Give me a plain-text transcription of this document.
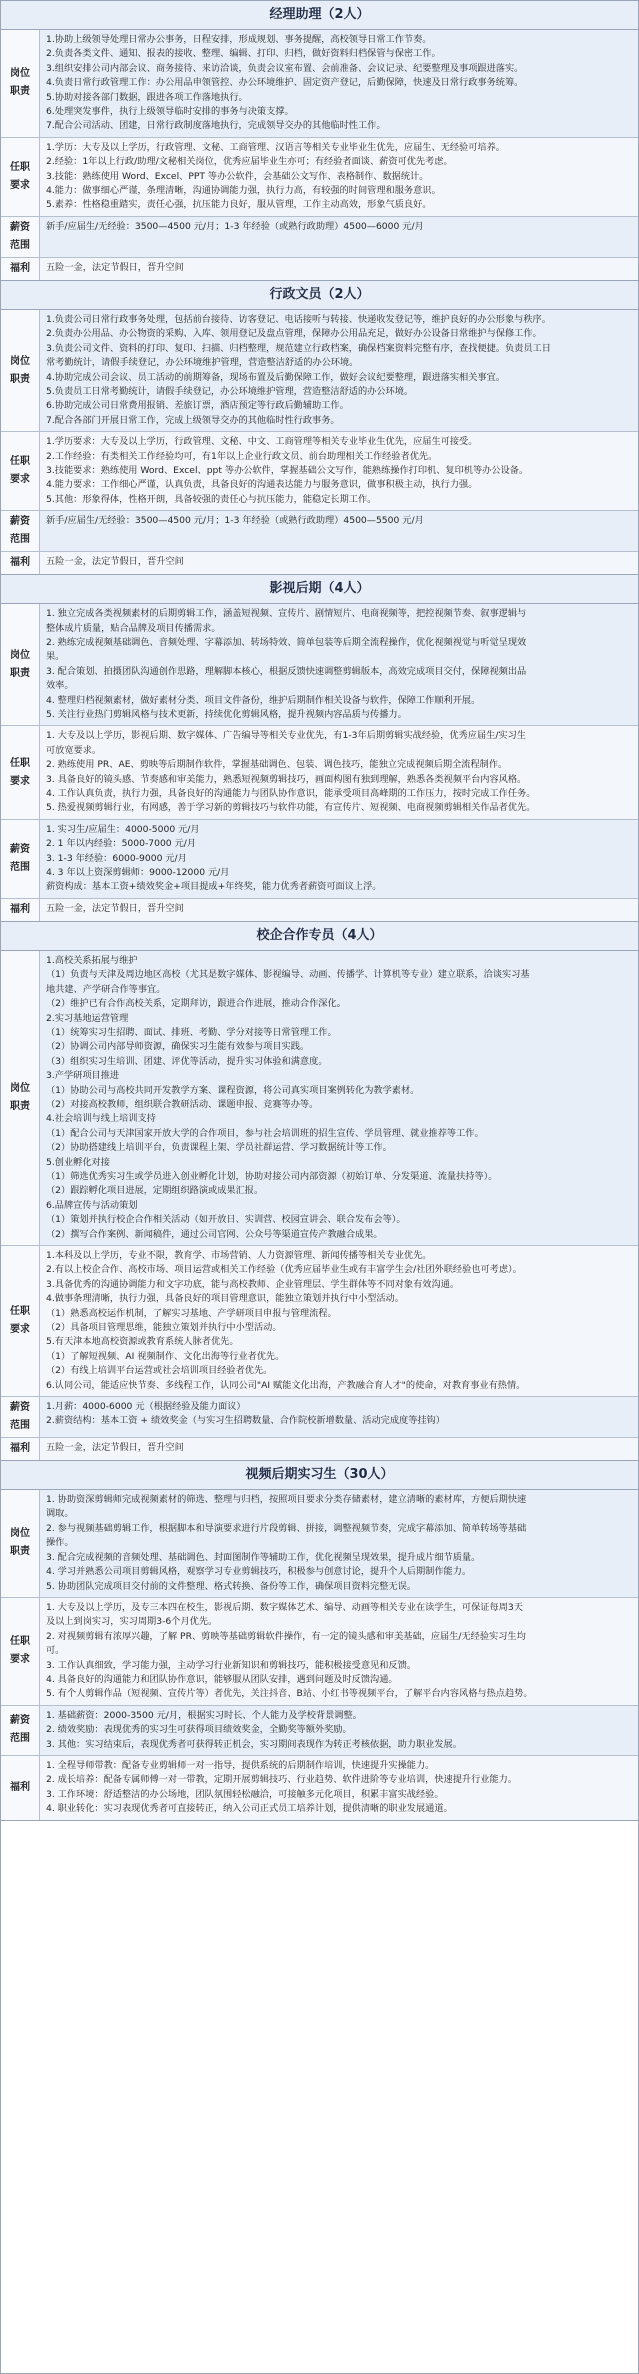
经理助理（2人）
岗位
职责
1.协助上级领导处理日常办公事务，日程安排，形成规划、事务提醒，高校领导日常工作节奏。
2.负责各类文件、通知、报表的接收、整理、编辑、打印、归档，做好资料归档保管与保密工作。
3.组织安排公司内部会议、商务接待、来访洽谈，负责会议室布置、会前准备、会议记录、纪要整理及事项跟进落实。
4.负责日常行政管理工作：办公用品申领管控、办公环境维护、固定资产登记，后勤保障，快速及日常行政事务统筹。
5.协助对接各部门数据，跟进各项工作落地执行。
6.处理突发事件，执行上级领导临时安排的事务与决策支撑。
7.配合公司活动、团建，日常行政制度落地执行，完成领导交办的其他临时性工作。
任职
要求
1.学历：大专及以上学历，行政管理、文秘、工商管理、汉语言等相关专业毕业生优先，应届生、无经验可培养。
2.经验：1年以上行政/助理/文秘相关岗位，优秀应届毕业生亦可；有经验者面谈、薪资可优先考虑。
3.技能：熟练使用 Word、Excel、PPT 等办公软件，会基础公文写作、表格制作、数据统计。
4.能力：做事细心严谨，条理清晰，沟通协调能力强，执行力高，有较强的时间管理和服务意识。
5.素养：性格稳重踏实，责任心强，抗压能力良好，服从管理，工作主动高效，形象气质良好。
薪资
范围
新手/应届生/无经验：3500—4500 元/月；1-3 年经验（或熟行政助理）4500—6000 元/月
福利 五险一金，法定节假日，晋升空间
行政文员（2人）
岗位
职责
1.负责公司日常行政事务处理，包括前台接待、访客登记、电话接听与转接、快递收发登记等，维护良好的办公形象与秩序。
2.负责办公用品、办公物资的采购、入库、领用登记及盘点管理，保障办公用品充足，做好办公设备日常维护与保修工作。
3.负责公司文件、资料的打印、复印、扫描、归档整理，规范建立行政档案，确保档案资料完整有序，查找便捷。负责员工日
常考勤统计，请假手续登记，办公环境维护管理，营造整洁舒适的办公环境。
4.协助完成公司会议、员工活动的前期筹备，现场布置及后勤保障工作，做好会议纪要整理，跟进落实相关事宜。
5.负责员工日常考勤统计，请假手续登记，办公环境维护管理，营造整洁舒适的办公环境。
6.协助完成公司日常费用报销、差旅订票，酒店预定等行政后勤辅助工作。
7.配合各部门开展日常工作，完成上级领导交办的其他临时性行政事务。
任职
要求
1.学历要求：大专及以上学历，行政管理、文秘、中文、工商管理等相关专业毕业生优先，应届生可接受。
2.工作经验：有类相关工作经验均可，有1年以上企业行政文员、前台助理相关工作经验者优先。
3.技能要求：熟练使用 Word、Excel、ppt 等办公软件，掌握基础公文写作，能熟练操作打印机、复印机等办公设备。
4.能力要求：工作细心严谨，认真负责，具备良好的沟通表达能力与服务意识，做事积极主动，执行力强。
5.其他：形象得体，性格开朗，具备较强的责任心与抗压能力，能稳定长期工作。
薪资
范围
新手/应届生/无经验：3500—4500 元/月；1-3 年经验（或熟行政助理）4500—5500 元/月
福利 五险一金，法定节假日，晋升空间
影视后期（4人）
岗位
职责
1. 独立完成各类视频素材的后期剪辑工作，涵盖短视频、宣传片、剧情短片、电商视频等，把控视频节奏、叙事逻辑与
整体成片质量，贴合品牌及项目传播需求。
2. 熟练完成视频基础调色、音频处理、字幕添加、转场特效、简单包装等后期全流程操作，优化视频视觉与听觉呈现效
果。
3. 配合策划、拍摄团队沟通创作思路，理解脚本核心，根据反馈快速调整剪辑版本，高效完成项目交付，保障视频出品
效率。
4. 整理归档视频素材，做好素材分类、项目文件备份，维护后期制作相关设备与软件，保障工作顺利开展。
5. 关注行业热门剪辑风格与技术更新，持续优化剪辑风格，提升视频内容品质与传播力。
任职
要求
1. 大专及以上学历，影视后期、数字媒体、广告编导等相关专业优先，有1-3年后期剪辑实战经验，优秀应届生/实习生
可放宽要求。
2. 熟练使用 PR、AE、剪映等后期制作软件，掌握基础调色、包装、调色技巧，能独立完成视频后期全流程制作。
3. 具备良好的镜头感、节奏感和审美能力，熟悉短视频剪辑技巧，画面构图有独到理解，熟悉各类视频平台内容风格。
4. 工作认真负责，执行力强，具备良好的沟通能力与团队协作意识，能承受项目高峰期的工作压力，按时完成工作任务。
5. 热爱视频剪辑行业，有网感，善于学习新的剪辑技巧与软件功能，有宣传片、短视频、电商视频剪辑相关作品者优先。
薪资
范围
1. 实习生/应届生：4000-5000 元/月
2. 1 年以内经验：5000-7000 元/月
3. 1-3 年经验：6000-9000 元/月
4. 3 年以上资深剪辑师：9000-12000 元/月
薪资构成：基本工资+绩效奖金+项目提成+年终奖，能力优秀者薪资可面议上浮。
福利 五险一金，法定节假日，晋升空间
校企合作专员（4人）
岗位
职责
1.高校关系拓展与维护
（1）负责与天津及周边地区高校（尤其是数字媒体、影视编导、动画、传播学、计算机等专业）建立联系，洽谈实习基
地共建、产学研合作等事宜。
（2）维护已有合作高校关系，定期拜访，跟进合作进展，推动合作深化。
2.实习基地运营管理
（1）统筹实习生招聘、面试、排班、考勤、学分对接等日常管理工作。
（2）协调公司内部导师资源，确保实习生能有效参与项目实践。
（3）组织实习生培训、团建、评优等活动，提升实习体验和满意度。
3.产学研项目推进
（1）协助公司与高校共同开发教学方案、课程资源，将公司真实项目案例转化为教学素材。
（2）对接高校教师，组织联合教研活动、课题申报、竞赛等办等。
4.社会培训与线上培训支持
（1）配合公司与天津国家开放大学的合作项目，参与社会培训班的招生宣传、学员管理、就业推荐等工作。
（2）协助搭建线上培训平台，负责课程上架、学员社群运营、学习数据统计等工作。
5.创业孵化对接
（1）筛选优秀实习生或学员进入创业孵化计划，协助对接公司内部资源（初始订单、分发渠道、流量扶持等）。
（2）跟踪孵化项目进展，定期组织路演或成果汇报。
6.品牌宣传与活动策划
（1）策划并执行校企合作相关活动（如开放日、实训营、校园宣讲会、联合发布会等）。
（2）撰写合作案例、新闻稿件，通过公司官网、公众号等渠道宣传产教融合成果。
任职
要求
1.本科及以上学历，专业不限，教育学、市场营销、人力资源管理、新闻传播等相关专业优先。
2.有以上校企合作、高校市场、项目运营或相关工作经验（优秀应届毕业生或有丰富学生会/社团外联经验也可考虑）。
3.具备优秀的沟通协调能力和文字功底，能与高校教师、企业管理层、学生群体等不同对象有效沟通。
4.做事条理清晰，执行力强，具备良好的项目管理意识，能独立策划并执行中小型活动。
（1）熟悉高校运作机制，了解实习基地、产学研项目申报与管理流程。
（2）具备项目管理思维，能独立策划并执行中小型活动。
5.有天津本地高校资源或教育系统人脉者优先。
（1）了解短视频、AI 视频制作、文化出海等行业者优先。
（2）有线上培训平台运营或社会培训项目经验者优先。
6.认同公司，能适应快节奏、多线程工作，认同公司"AI 赋能文化出海，产教融合育人才"的使命，对教育事业有热情。
薪资
范围
1.月薪：4000-6000 元（根据经验及能力面议）
2.薪资结构：基本工资 + 绩效奖金（与实习生招聘数量、合作院校新增数量、活动完成度等挂钩）
福利 五险一金，法定节假日，晋升空间
视频后期实习生（30人）
岗位
职责
1. 协助资深剪辑师完成视频素材的筛选、整理与归档，按照项目要求分类存储素材，建立清晰的素材库，方便后期快速
调取。
2. 参与视频基础剪辑工作，根据脚本和导演要求进行片段剪辑、拼接，调整视频节奏，完成字幕添加、简单转场等基础
操作。
3. 配合完成视频的音频处理、基础调色、封面图制作等辅助工作，优化视频呈现效果，提升成片细节质量。
4. 学习并熟悉公司项目剪辑风格，观察学习专业剪辑技巧，积极参与创意讨论，提升个人后期制作能力。
5. 协助团队完成项目交付前的文件整理、格式转换、备份等工作，确保项目资料完整无误。
任职
要求
1. 大专及以上学历，及专三本四在校生，影视后期、数字媒体艺术、编导、动画等相关专业在读学生，可保证每周3天
及以上到岗实习，实习周期3-6个月优先。
2. 对视频剪辑有浓厚兴趣，了解 PR、剪映等基础剪辑软件操作，有一定的镜头感和审美基础，应届生/无经验实习生均
可。
3. 工作认真细致，学习能力强，主动学习行业新知识和剪辑技巧，能积极接受意见和反馈。
4. 具备良好的沟通能力和团队协作意识，能够服从团队安排，遇到问题及时反馈沟通。
5. 有个人剪辑作品（短视频、宣传片等）者优先，关注抖音、B站、小红书等视频平台，了解平台内容风格与热点趋势。
薪资
范围
1. 基础薪资：2000-3500 元/月，根据实习时长、个人能力及学校背景调整。
2. 绩效奖励：表现优秀的实习生可获得项目绩效奖金，全勤奖等额外奖励。
3. 其他：实习结束后，表现优秀者可获得转正机会，实习期间表现作为转正考核依据，助力职业发展。
福利
1. 全程导师带教：配备专业剪辑师一对一指导，提供系统的后期制作培训，快速提升实操能力。
2. 成长培养：配备专属师傅一对一带教，定期开展剪辑技巧、行业趋势、软件进阶等专业培训，快速提升行业能力。
3. 工作环境：舒适整洁的办公场地，团队氛围轻松融洽，可接触多元化项目，积累丰富实战经验。
4. 职业转化：实习表现优秀者可直接转正，纳入公司正式员工培养计划，提供清晰的职业发展通道。
